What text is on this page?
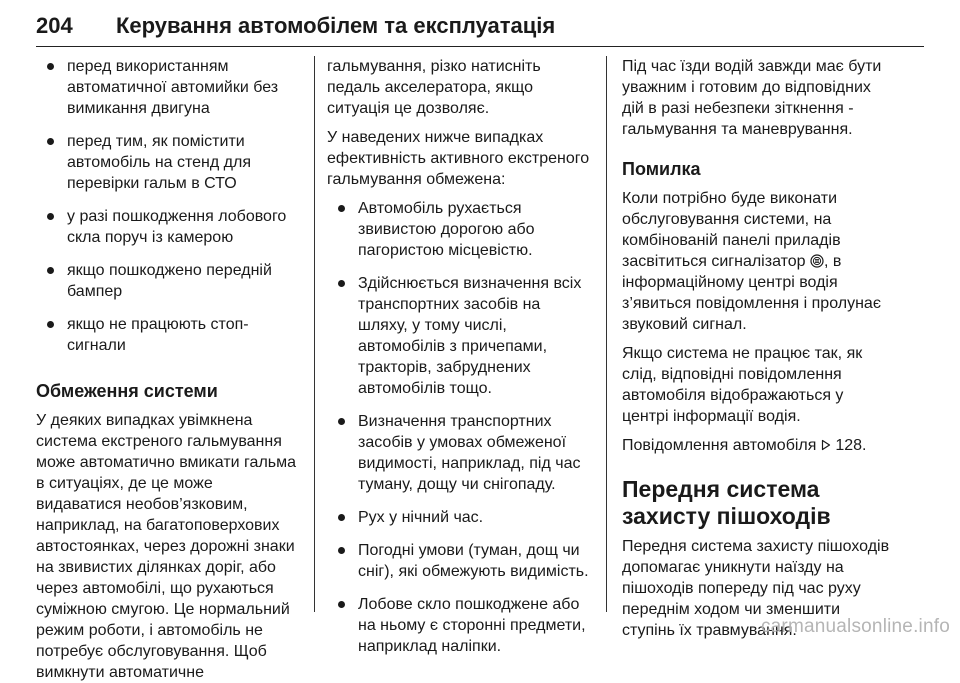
204	Керування автомобілем та експлуатація
перед використанням автоматичної автомийки без вимикання двигуна
перед тим, як помістити автомобіль на стенд для перевірки гальм в СТО
у разі пошкодження лобового скла поруч із камерою
якщо пошкоджено передній бампер
якщо не працюють стоп-сигнали
Обмеження системи
У деяких випадках увімкнена система екстреного гальмування може автоматично вмикати гальма в ситуаціях, де це може видаватися необов’язковим, наприклад, на багатоповерхових автостоянках, через дорожні знаки на звивистих ділянках доріг, або через автомобілі, що рухаються суміжною смугою. Це нормальний режим роботи, і автомобіль не потребує обслуговування. Щоб вимкнути автоматичне
гальмування, різко натисніть педаль акселератора, якщо ситуація це дозволяє.
У наведених нижче випадках ефективність активного екстреного гальмування обмежена:
Автомобіль рухається звивистою дорогою або пагористою місцевістю.
Здійснюється визначення всіх транспортних засобів на шляху, у тому числі, автомобілів з причепами, тракторів, забруднених автомобілів тощо.
Визначення транспортних засобів у умовах обмеженої видимості, наприклад, під час туману, дощу чи снігопаду.
Рух у нічний час.
Погодні умови (туман, дощ чи сніг), які обмежують видимість.
Лобове скло пошкоджене або на ньому є сторонні предмети, наприклад наліпки.
Під час їзди водій завжди має бути уважним і готовим до відповідних дій в разі небезпеки зіткнення - гальмування та маневрування.
Помилка
Коли потрібно буде виконати обслуговування системи, на комбінованій панелі приладів засвітиться сигналізатор , в інформаційному центрі водія з’явиться повідомлення і пролунає звуковий сигнал.
Якщо система не працює так, як слід, відповідні повідомлення автомобіля відображаються у центрі інформації водія.
Повідомлення автомобіля 128.
Передня система захисту пішоходів
Передня система захисту пішоходів допомагає уникнути наїзду на пішоходів попереду під час руху переднім ходом чи зменшити ступінь їх травмування.
carmanualsonline.info
